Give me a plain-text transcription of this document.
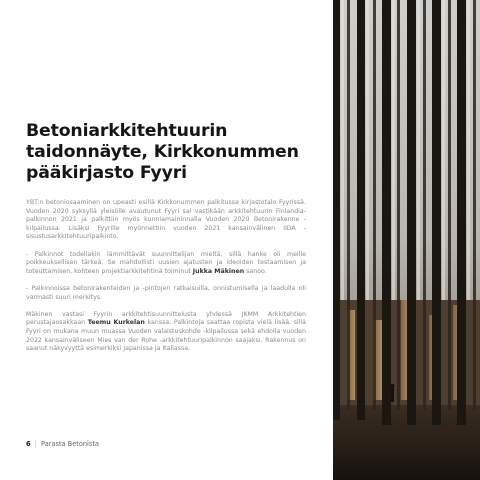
Betoniarkkitehtuurin
taidonnäyte, Kirkkonummen
pääkirjasto Fyyri

YBT:n betoniosaaminen on upeasti esillä Kirkkonummen palkitussa kirjastotalo Fyyrissä. Vuoden 2020 syksyllä yleisölle avautunut Fyyri sai vastikään arkkitehtuurin Finlandia-palkinnon 2021 ja palkittiin myös kunniamaininnalla Vuoden 2020 Betonirakenne -kilpailussa. Lisäksi Fyyrille myönnettiin vuoden 2021 kansainvälinen IIDA -sisustusarkkitehtuuripalkinto.

- Palkinnot todellakin lämmittävät suunnittelijan mieltä, sillä hanke oli meille poikkeuksellisen tärkeä. Se mahdollisti uusien ajatusten ja ideoiden testaamisen ja toteuttamisen, kohteen projektiarkkitehtinä toiminut Jukka Mäkinen sanoo.

- Palkinnoissa betonirakenteiden ja -pintojen ratkaisuilla, onnistumisella ja laadulla oli varmasti suuri merkitys.

Mäkinen vastasi Fyyrin arkkitehtisuunnittelusta yhdessä JKMM Arkkitehtien perustajaosakkaan Teemu Kurkelan kanssa. Palkintoja saattaa ropista vielä lisää, sillä Fyyri on mukana muun muassa Vuoden valaistuskohde -kilpailussa sekä ehdolla vuoden 2022 kansainväliseen Mies van der Rohe -arkkitehtuuripalkinnon saajaksi. Rakennus on saanut näkyvyyttä esimerkiksi Japanissa ja Italiassa.

6 | Parasta Betonista
